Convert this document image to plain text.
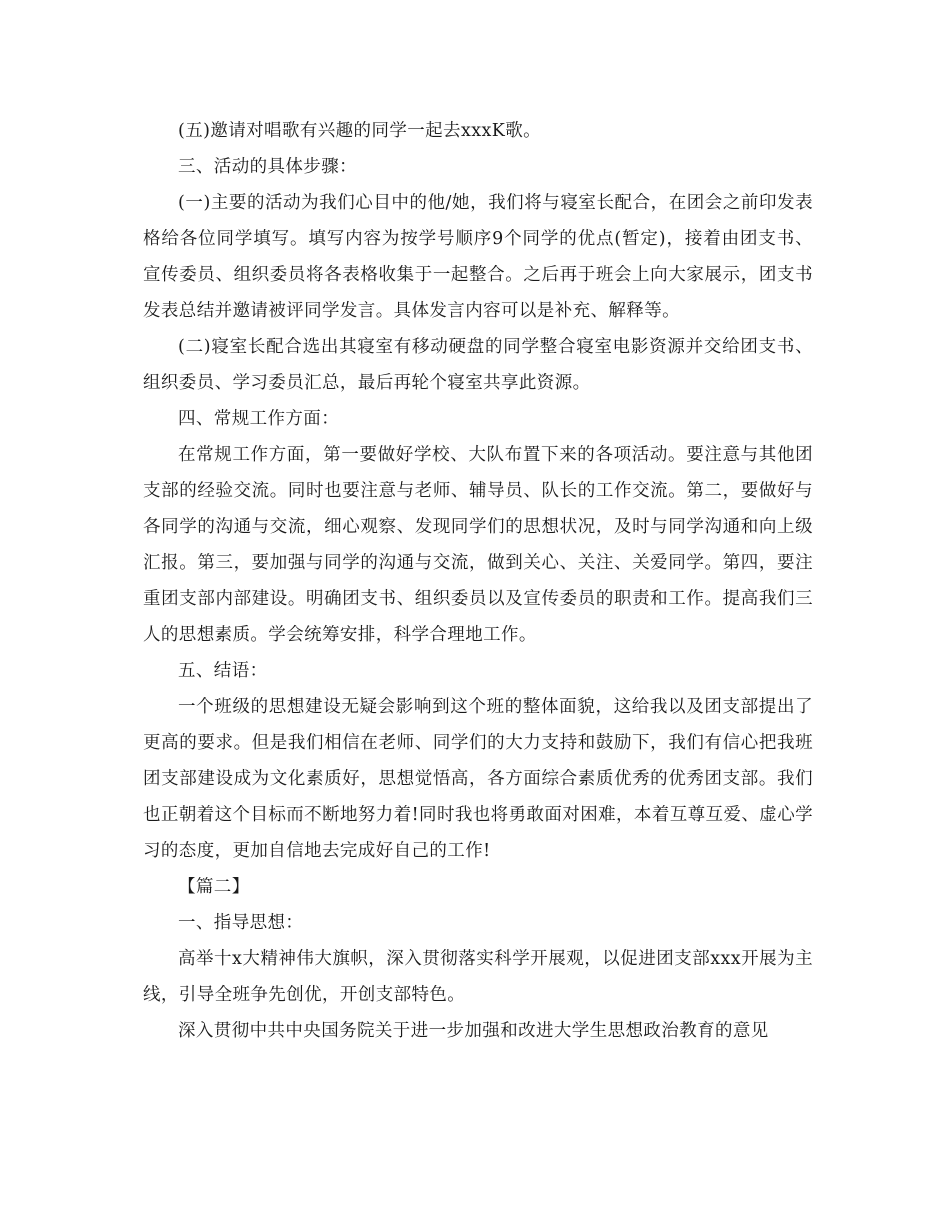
(五)邀请对唱歌有兴趣的同学一起去xxxK歌。

三、活动的具体步骤：

(一)主要的活动为我们心目中的他/她，我们将与寝室长配合，在团会之前印发表格给各位同学填写。填写内容为按学号顺序9个同学的优点(暂定)，接着由团支书、宣传委员、组织委员将各表格收集于一起整合。之后再于班会上向大家展示，团支书发表总结并邀请被评同学发言。具体发言内容可以是补充、解释等。

(二)寝室长配合选出其寝室有移动硬盘的同学整合寝室电影资源并交给团支书、组织委员、学习委员汇总，最后再轮个寝室共享此资源。

四、常规工作方面：

在常规工作方面，第一要做好学校、大队布置下来的各项活动。要注意与其他团支部的经验交流。同时也要注意与老师、辅导员、队长的工作交流。第二，要做好与各同学的沟通与交流，细心观察、发现同学们的思想状况，及时与同学沟通和向上级汇报。第三，要加强与同学的沟通与交流，做到关心、关注、关爱同学。第四，要注重团支部内部建设。明确团支书、组织委员以及宣传委员的职责和工作。提高我们三人的思想素质。学会统筹安排，科学合理地工作。

五、结语：

一个班级的思想建设无疑会影响到这个班的整体面貌，这给我以及团支部提出了更高的要求。但是我们相信在老师、同学们的大力支持和鼓励下，我们有信心把我班团支部建设成为文化素质好，思想觉悟高，各方面综合素质优秀的优秀团支部。我们也正朝着这个目标而不断地努力着!同时我也将勇敢面对困难，本着互尊互爱、虚心学习的态度，更加自信地去完成好自己的工作!

【篇二】

一、指导思想：

高举十x大精神伟大旗帜，深入贯彻落实科学开展观，以促进团支部xxx开展为主线，引导全班争先创优，开创支部特色。

深入贯彻中共中央国务院关于进一步加强和改进大学生思想政治教育的意见
